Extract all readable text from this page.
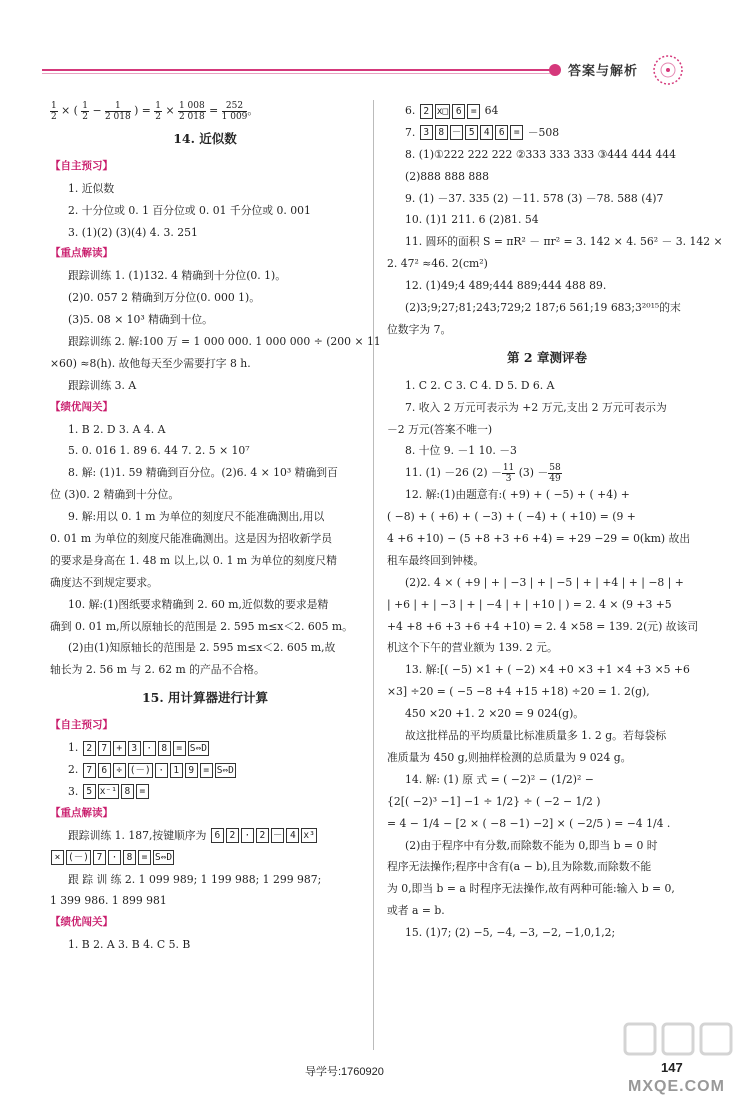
答案与解析
$\frac{1}{2}$ × ( $\frac{1}{2} - \frac{1}{2 018}$ ) = $\frac{1}{2} \times \frac{1 008}{2 018} = \frac{252}{1 009}$ 。
14. 近似数
【自主预习】
1. 近似数
2. 十分位或 0. 1 百分位或 0. 01 千分位或 0. 001
3. (1)(2) (3)(4) 4. 3. 251
【重点解读】
跟踪训练 1. (1)132. 4 精确到十分位(0. 1)。
(2)0. 057 2 精确到万分位(0. 000 1)。
(3)5. 08 × 10³ 精确到十位。
跟踪训练 2. 解:100 万 = 1 000 000. 1 000 000 ÷ (200 × 11
×60) ≈8(h). 故他每天至少需要打字 8 h.
跟踪训练 3. A
【绩优闯关】
1. B 2. D 3. A 4. A
5. 0. 016 1. 89 6. 44 7. 2. 5 × 10⁷
8. 解: (1)1. 59 精确到百分位。(2)6. 4 × 10³ 精确到百
位 (3)0. 2 精确到十分位。
9. 解:用以 0. 1 m 为单位的刻度尺不能准确测出,用以
0. 01 m 为单位的刻度尺能准确测出。这是因为招收新学员
的要求是身高在 1. 48 m 以上,以 0. 1 m 为单位的刻度尺精
确度达不到规定要求。
10. 解:(1)图纸要求精确到 2. 60 m,近似数的要求是精
确到 0. 01 m,所以原轴长的范围是 2. 595 m≤x＜2. 605 m。
(2)由(1)知原轴长的范围是 2. 595 m≤x＜2. 605 m,故
轴长为 2. 56 m 与 2. 62 m 的产品不合格。
15. 用计算器进行计算
【自主预习】
1. 2 7 + 3 · 8 = S⇔D
2. 7 6 ÷ (－) · 1 9 = S⇔D
3. 5 x⁻¹ 8 =
【重点解读】
跟踪训练 1. 187,按键顺序为 6 2 · 2 － 4 x³
× (－) 7 · 8 = S⇔D
跟 踪 训 练 2. 1 099 989; 1 199 988; 1 299 987;
1 399 986. 1 899 981
【绩优闯关】
1. B 2. A 3. B 4. C 5. B
6. 2 x□ 6 = 64
7. 3 8 － 5 4 6 = －508
8. (1)①222 222 222 ②333 333 333 ③444 444 444
(2)888 888 888
9. (1) －37. 335 (2) －11. 578 (3) －78. 588 (4)7
10. (1)1 211. 6 (2)81. 54
11. 圆环的面积 S = πR² － πr² = 3. 142 × 4. 56² － 3. 142 ×
2. 47² ≈46. 2(cm²)
12. (1)49;4 489;444 889;444 488 89.
(2)3;9;27;81;243;729;2 187;6 561;19 683;3²⁰¹⁵的末
位数字为 7。
第 2 章测评卷
1. C 2. C 3. C 4. D 5. D 6. A
7. 收入 2 万元可表示为 +2 万元,支出 2 万元可表示为
－2 万元(答案不唯一)
8. 十位 9. －1 10. －3
11. (1) －26 $(2) - \frac{11}{3} (3) - \frac{58}{49}$
12. 解:(1)由题意有:( +9) + ( −5) + ( +4) +
( −8) + ( +6) + ( −3) + ( −4) + ( +10) = (9 +
4 +6 +10) − (5 +8 +3 +6 +4) = +29 −29 = 0(km) 故出
租车最终回到钟楼。
(2)2. 4 × ( +9 | + | −3 | + | −5 | + | +4 | + | −8 | +
| +6 | + | −3 | + | −4 | + | +10 | ) = 2. 4 × (9 +3 +5
+4 +8 +6 +3 +6 +4 +10) = 2. 4 ×58 = 139. 2(元) 故该司
机这个下午的营业额为 139. 2 元。
13. 解:[( −5) ×1 + ( −2) ×4 +0 ×3 +1 ×4 +3 ×5 +6
×3] ÷20 = ( −5 −8 +4 +15 +18) ÷20 = 1. 2(g),
450 ×20 +1. 2 ×20 = 9 024(g)。
故这批样品的平均质量比标准质量多 1. 2 g。若每袋标
准质量为 450 g,则抽样检测的总质量为 9 024 g。
14. 解: (1) 原 式 = ( −2)² − (1/2)² −
{2[( −2)³ −1] −1 ÷ 1/2} ÷ ( −2 − 1/2 )
= 4 − 1/4 − [2 × ( −8 −1) −2] × ( −2/5 ) = −4 1/4 .
(2)由于程序中有分数,而除数不能为 0,即当 b = 0 时
程序无法操作;程序中含有(a − b),且为除数,而除数不能
为 0,即当 b = a 时程序无法操作,故有两种可能:输入 b = 0,
或者 a = b.
15. (1)7; (2) −5, −4, −3, −2, −1,0,1,2;
导学号:1760920	147
MXQE.COM
